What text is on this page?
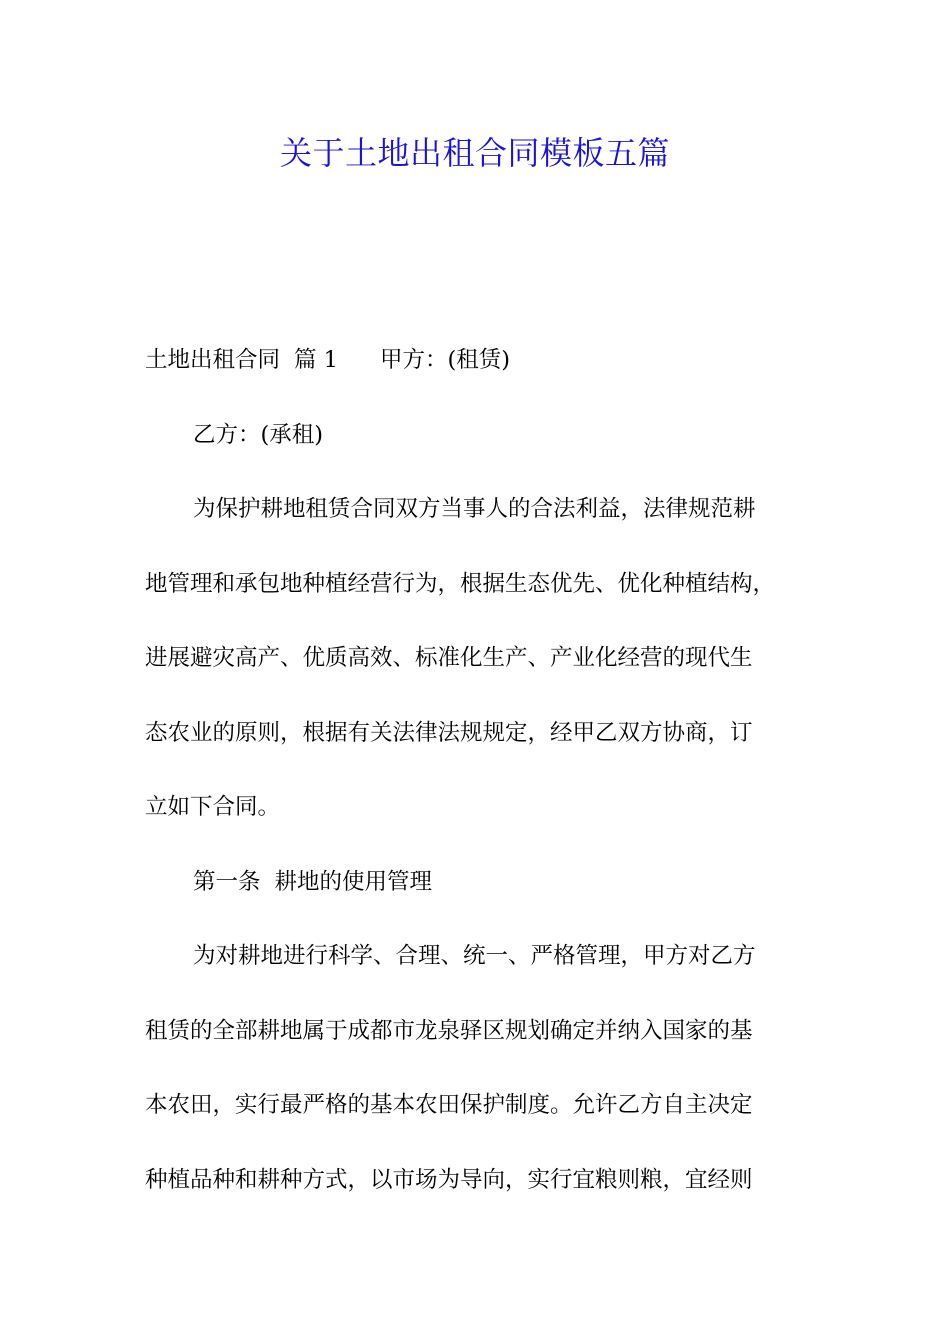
关于土地出租合同模板五篇
土地出租合同 篇 1 甲方：(租赁)
乙方：(承租)
为保护耕地租赁合同双方当事人的合法利益，法律规范耕
地管理和承包地种植经营行为，根据生态优先、优化种植结构，
进展避灾高产、优质高效、标准化生产、产业化经营的现代生
态农业的原则，根据有关法律法规规定，经甲乙双方协商，订
立如下合同。
第一条 耕地的使用管理
为对耕地进行科学、合理、统一、严格管理，甲方对乙方
租赁的全部耕地属于成都市龙泉驿区规划确定并纳入国家的基
本农田，实行最严格的基本农田保护制度。允许乙方自主决定
种植品种和耕种方式，以市场为导向，实行宜粮则粮，宜经则
